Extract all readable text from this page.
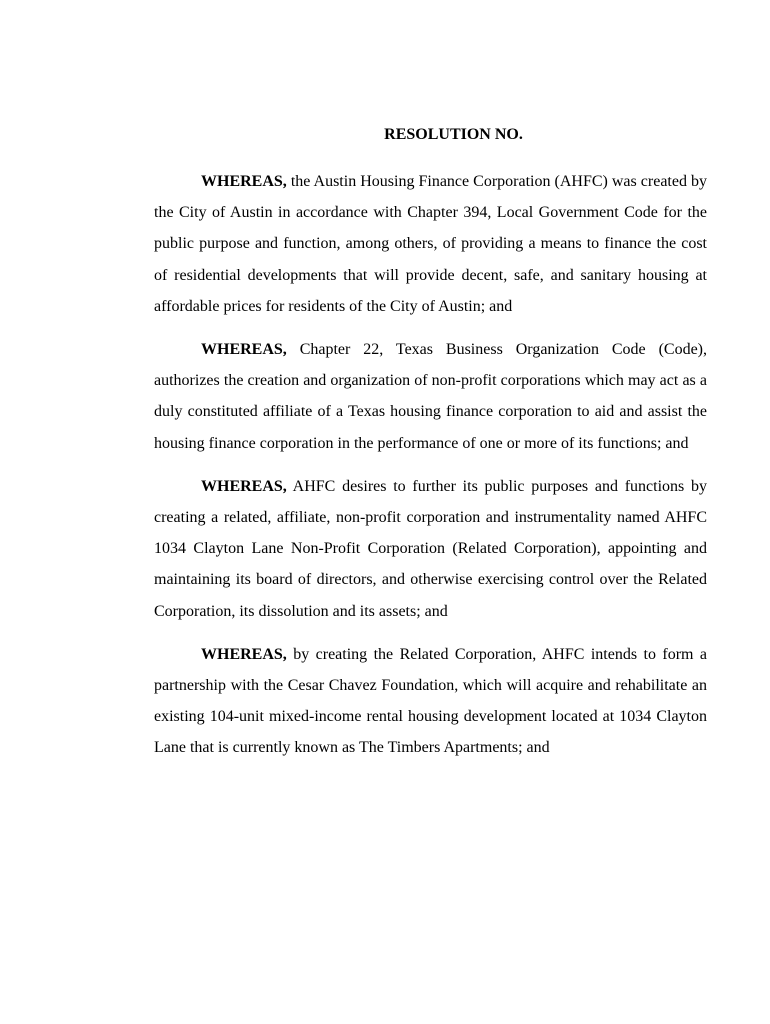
RESOLUTION NO.

WHEREAS, the Austin Housing Finance Corporation (AHFC) was created by the City of Austin in accordance with Chapter 394, Local Government Code for the public purpose and function, among others, of providing a means to finance the cost of residential developments that will provide decent, safe, and sanitary housing at affordable prices for residents of the City of Austin; and

WHEREAS, Chapter 22, Texas Business Organization Code (Code), authorizes the creation and organization of non-profit corporations which may act as a duly constituted affiliate of a Texas housing finance corporation to aid and assist the housing finance corporation in the performance of one or more of its functions; and

WHEREAS, AHFC desires to further its public purposes and functions by creating a related, affiliate, non-profit corporation and instrumentality named AHFC 1034 Clayton Lane Non-Profit Corporation (Related Corporation), appointing and maintaining its board of directors, and otherwise exercising control over the Related Corporation, its dissolution and its assets; and

WHEREAS, by creating the Related Corporation, AHFC intends to form a partnership with the Cesar Chavez Foundation, which will acquire and rehabilitate an existing 104-unit mixed-income rental housing development located at 1034 Clayton Lane that is currently known as The Timbers Apartments; and
